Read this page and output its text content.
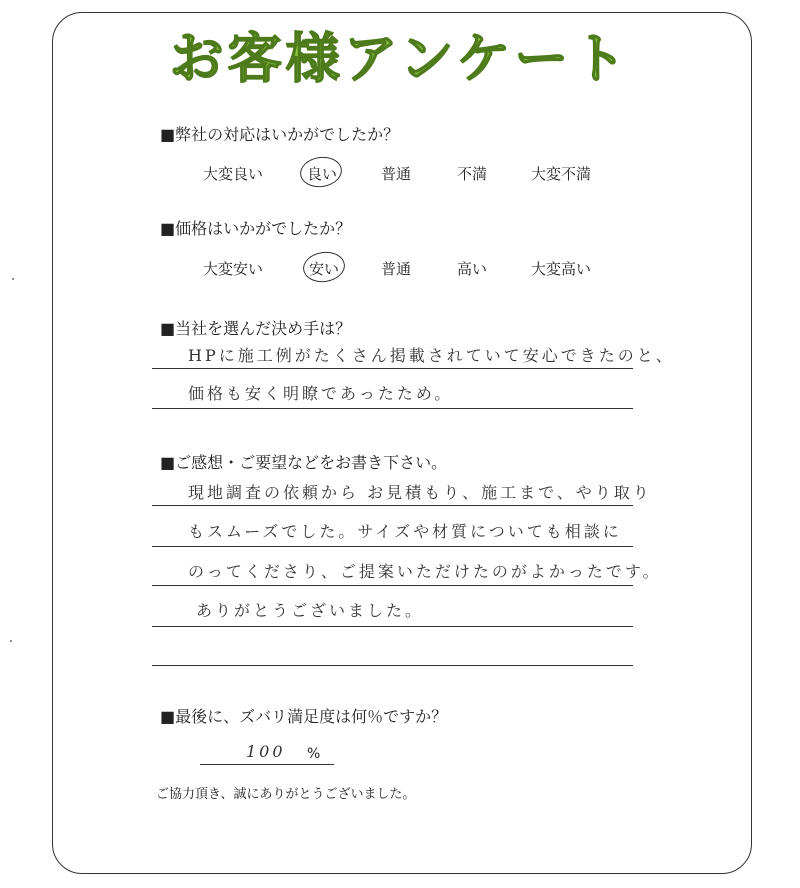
お客様アンケート
■弊社の対応はいかがでしたか？
大変良い	良い	普通	不満	大変不満
■価格はいかがでしたか？
大変安い	安い	普通	高い	大変高い
■当社を選んだ決め手は？
HPに施工例がたくさん掲載されていて安心できたのと、
価格も安く明瞭であったため。
■ご感想・ご要望などをお書き下さい。
現地調査の依頼から お見積もり、施工まで、やり取り
もスムーズでした。サイズや材質についても相談に
のってくださり、ご提案いただけたのがよかったです。
ありがとうございました。
■最後に、ズバリ満足度は何％ですか？
100 %
ご協力頂き、誠にありがとうございました。
